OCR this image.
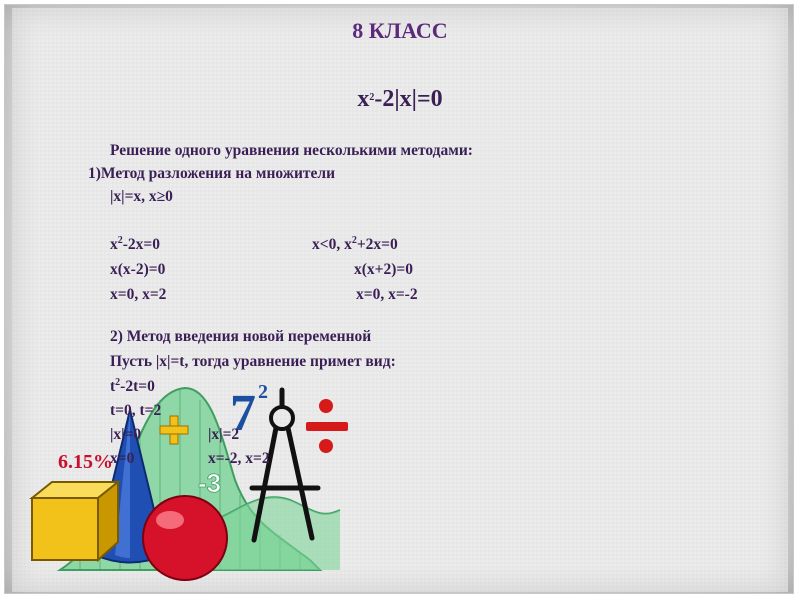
-3
7 2
6.15%
8 КЛАСС
$x^2-2|x|=0$
Решение одного уравнения несколькими методами:
1)Метод разложения на множители
|x|=x, x≥0
$x^2-2x=0$
x(x-2)=0
x=0, x=2
x<0, $x^2+2x=0$
x(x+2)=0
x=0, x=-2
2) Метод введения новой переменной
Пусть |x|=t, тогда уравнение примет вид:
$t^2-2t=0$
t=0, t=2
|x|=0	|x|=2
x=0	x=-2, x=2
